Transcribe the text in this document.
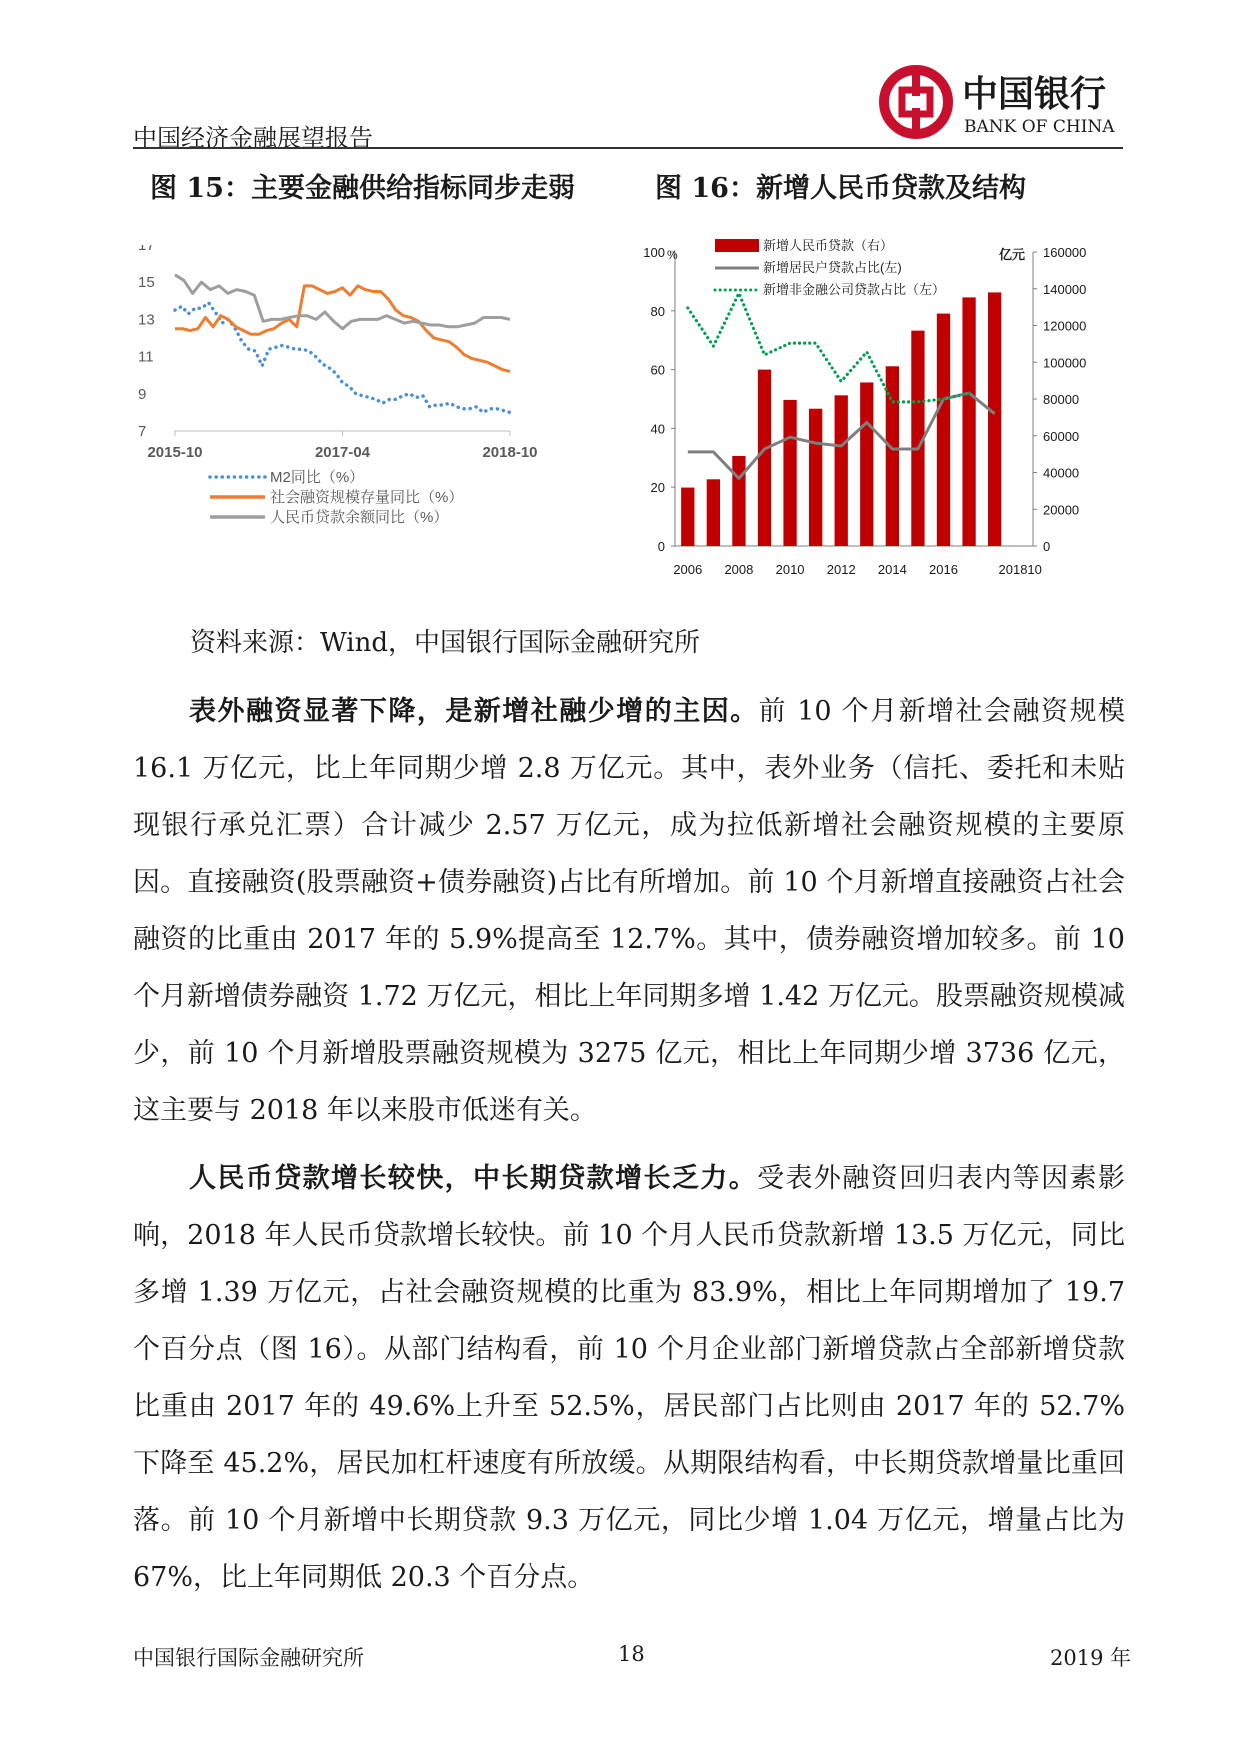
中国经济金融展望报告
中国银行
BANK OF CHINA
图 15：主要金融供给指标同步走弱	图 16：新增人民币贷款及结构
7
9
11
13
15
17
2015-10	2017-04	2018-10
M2同比（%）
社会融资规模存量同比（%）
人民币贷款余额同比（%）
0
20
40
60
80
100 %
0
20000
40000
60000
80000
100000
120000
140000
160000
亿元
2006 2008 2010 2012 2014 2016	201810
新增人民币贷款（右）
新增居民户贷款占比(左)
新增非金融公司贷款占比（左）
资料来源：Wind，中国银行国际金融研究所
表外融资显著下降，是新增社融少增的主因。前 10 个月新增社会融资规模 16.1 万亿元，比上年同期少增 2.8 万亿元。其中，表外业务（信托、委托和未贴现银行承兑汇票）合计减少 2.57 万亿元，成为拉低新增社会融资规模的主要原因。直接融资(股票融资+债券融资)占比有所增加。前 10 个月新增直接融资占社会融资的比重由 2017 年的 5.9%提高至 12.7%。其中，债券融资增加较多。前 10 个月新增债券融资 1.72 万亿元，相比上年同期多增 1.42 万亿元。股票融资规模减少，前 10 个月新增股票融资规模为 3275 亿元，相比上年同期少增 3736 亿元，这主要与 2018 年以来股市低迷有关。
人民币贷款增长较快，中长期贷款增长乏力。受表外融资回归表内等因素影响，2018 年人民币贷款增长较快。前 10 个月人民币贷款新增 13.5 万亿元，同比多增 1.39 万亿元，占社会融资规模的比重为 83.9%，相比上年同期增加了 19.7 个百分点（图 16）。从部门结构看，前 10 个月企业部门新增贷款占全部新增贷款比重由 2017 年的 49.6%上升至 52.5%，居民部门占比则由 2017 年的 52.7%下降至 45.2%，居民加杠杆速度有所放缓。从期限结构看，中长期贷款增量比重回落。前 10 个月新增中长期贷款 9.3 万亿元，同比少增 1.04 万亿元，增量占比为 67%，比上年同期低 20.3 个百分点。
中国银行国际金融研究所	18	2019 年
